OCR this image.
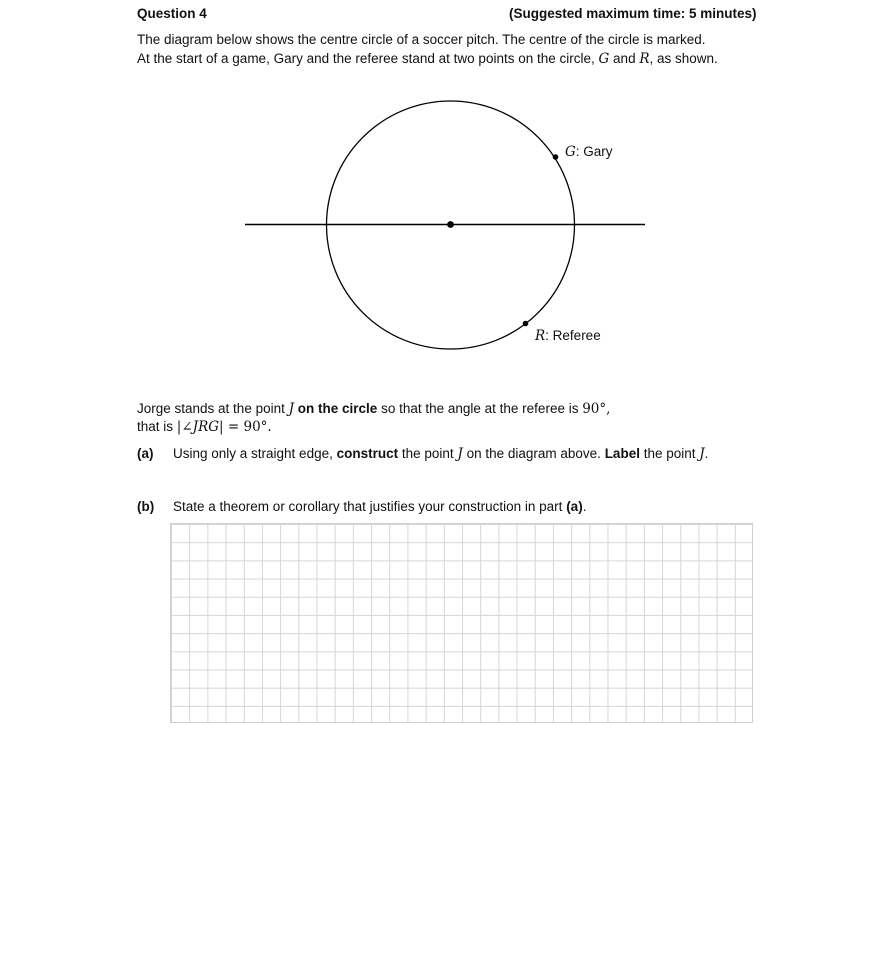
Question 4	(Suggested maximum time: 5 minutes)
The diagram below shows the centre circle of a soccer pitch. The centre of the circle is marked.
At the start of a game, Gary and the referee stand at two points on the circle, G and R, as shown.
G: Gary
R: Referee
Jorge stands at the point J on the circle so that the angle at the referee is 90°,
that is |∠JRG| = 90°.
(a) Using only a straight edge, construct the point J on the diagram above. Label the point J.
(b) State a theorem or corollary that justifies your construction in part (a).
